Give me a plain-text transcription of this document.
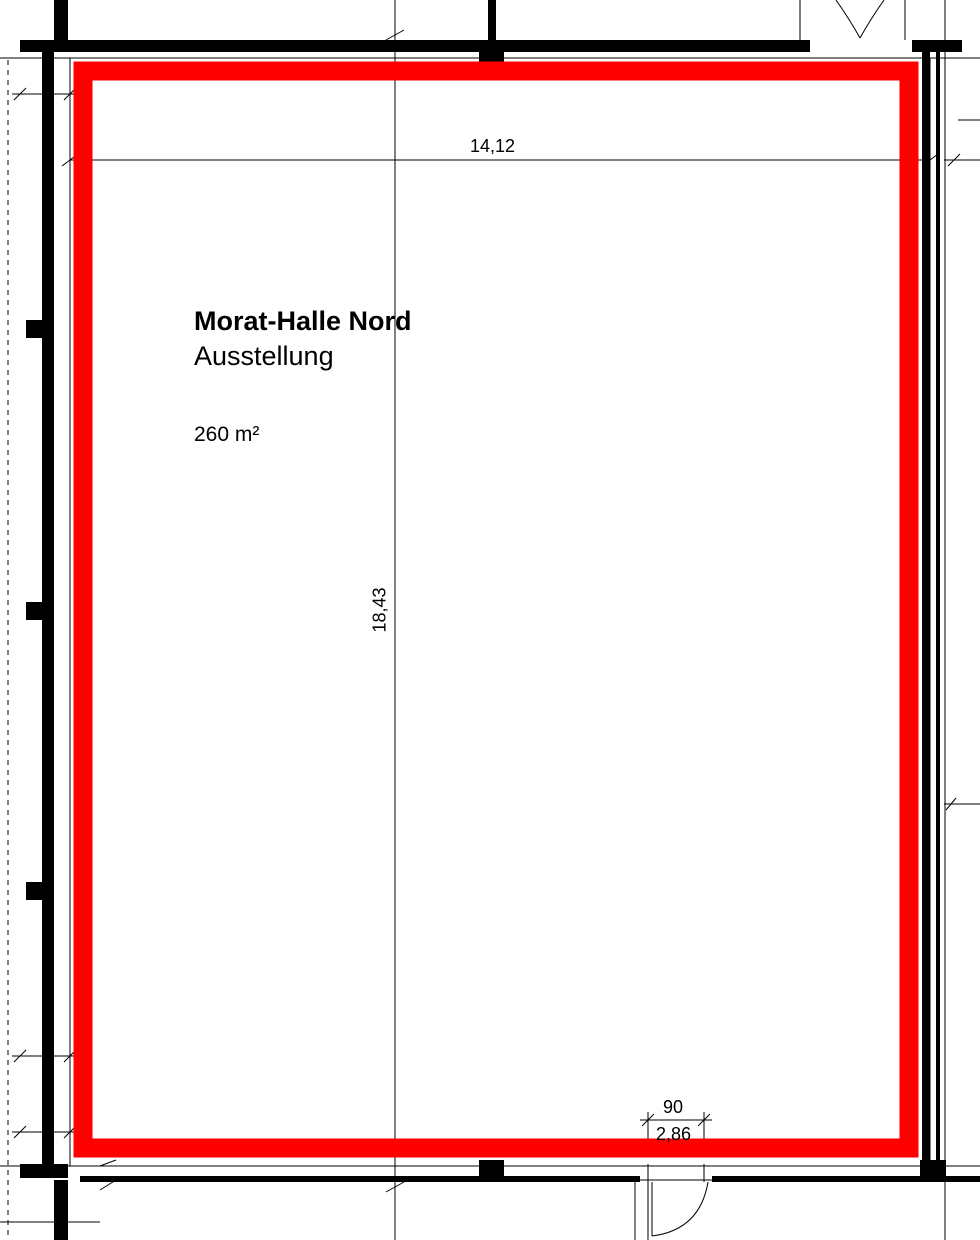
Morat-Halle Nord
Ausstellung
260 m²
14,12
18,43
90
2,86
